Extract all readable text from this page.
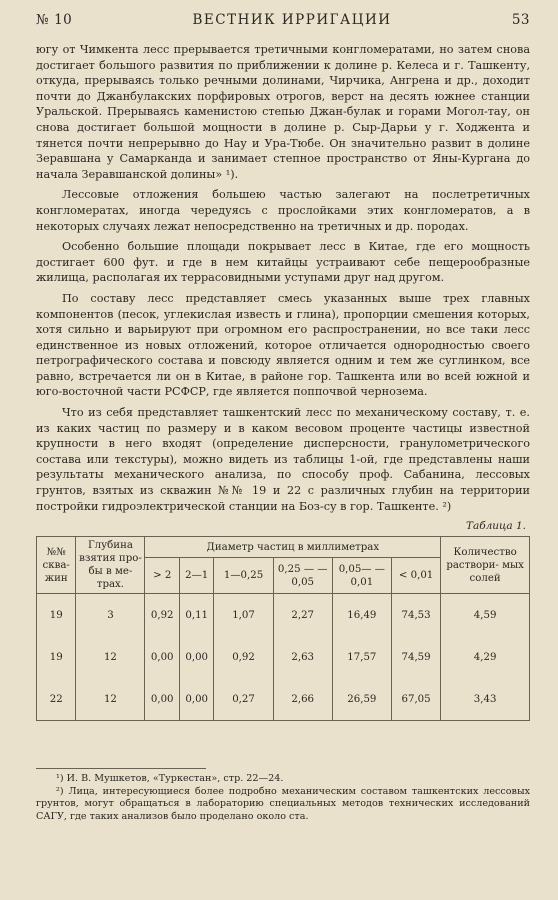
№ 10	ВЕСТНИК ИРРИГАЦИИ	53

югу от Чимкента лесс прерывается третичными конгломератами, но затем снова достигает большого развития по приближении к долине р. Келеса и г. Ташкенту, откуда, прерываясь только речными долинами, Чирчика, Ангрена и др., доходит почти до Джанбулакских порфировых отрогов, верст на десять южнее станции Уральской. Прерываясь каменистою степью Джан-булак и горами Могол-тау, он снова достигает большой мощности в долине р. Сыр-Дарьи у г. Ходжента и тянется почти непрерывно до Нау и Ура-Тюбе. Он значительно развит в долине Зеравшана у Самарканда и занимает степное пространство от Яны-Кургана до начала Зеравшанской долины» ¹).

Лессовые отложения большею частью залегают на послетретичных конгломератах, иногда чередуясь с прослойками этих конгломератов, а в некоторых случаях лежат непосредственно на третичных и др. породах.

Особенно большие площади покрывает лесс в Китае, где его мощность достигает 600 фут. и где в нем китайцы устраивают себе пещерообразные жилища, располагая их террасовидными уступами друг над другом.

По составу лесс представляет смесь указанных выше трех главных компонентов (песок, углекислая известь и глина), пропорции смешения которых, хотя сильно и варьируют при огромном его распространении, но все таки лесс единственное из новых отложений, которое отличается однородностью своего петрографического состава и повсюду является одним и тем же суглинком, все равно, встречается ли он в Китае, в районе гор. Ташкента или во всей южной и юго-восточной части РСФСР, где является поппочвой чернозема.

Что из себя представляет ташкентский лесс по механическому составу, т. е. из каких частиц по размеру и в каком весовом проценте частицы известной крупности в него входят (определение дисперсности, гранулометрического состава или текстуры), можно видеть из таблицы 1-ой, где представлены наши результаты механического анализа, по способу проф. Сабанина, лессовых грунтов, взятых из скважин №№ 19 и 22 с различных глубин на территории постройки гидроэлектрической станции на Боз-су в гор. Ташкенте. ²)

Таблица 1.
№№ сква- жин	Глубина взятия про- бы в ме- трах.	Диаметр частиц в миллиметрах						Количество раствори- мых солей
		> 2	2—1	1—0,25	0,25 — —0,05	0,05— —0,01	< 0,01	
19	3	0,92	0,11	1,07	2,27	16,49	74,53	4,59
19	12	0,00	0,00	0,92	2,63	17,57	74,59	4,29
22	12	0,00	0,00	0,27	2,66	26,59	67,05	3,43

¹) И. В. Мушкетов, «Туркестан», стр. 22—24.

²) Лица, интересующиеся более подробно механическим составом ташкентских лессовых грунтов, могут обращаться в лабораторию специальных методов технических исследований САГУ, где таких анализов было проделано около ста.
